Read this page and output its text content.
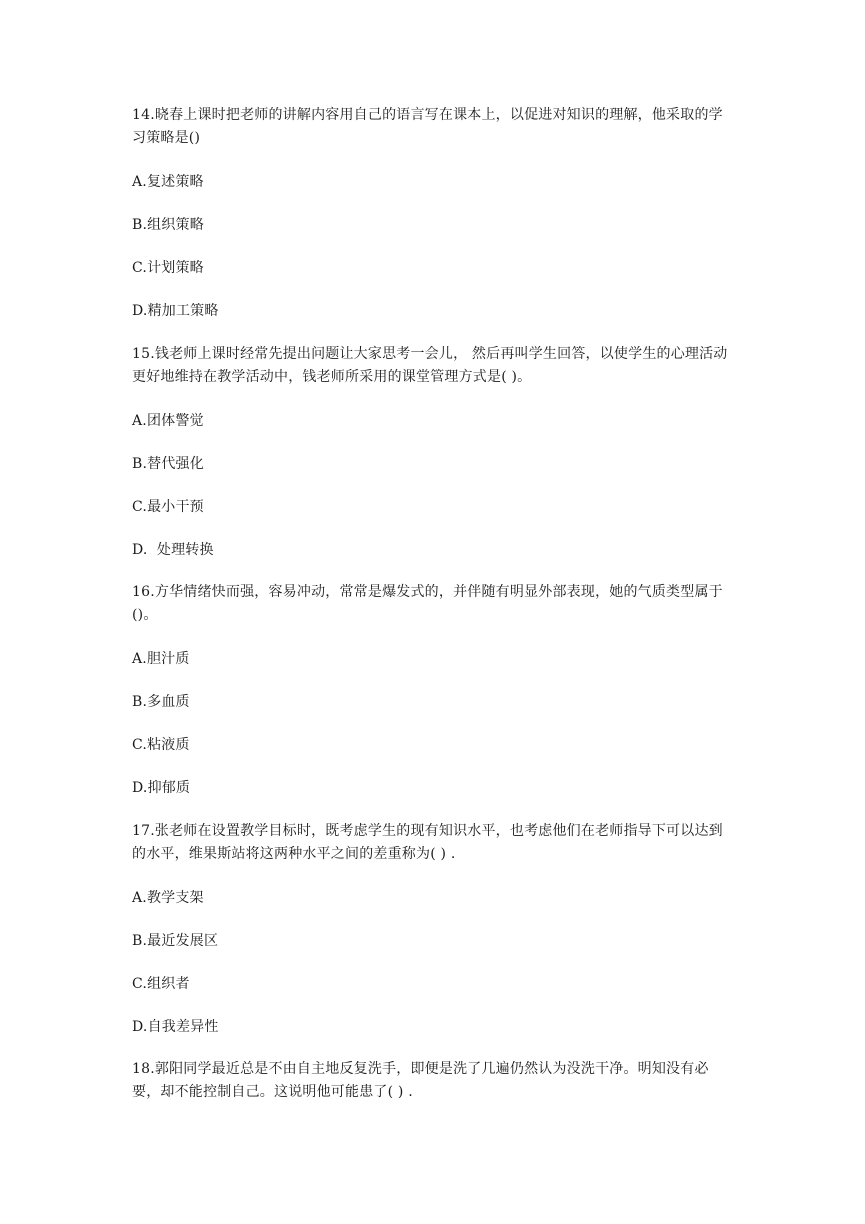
14.晓春上课时把老师的讲解内容用自己的语言写在课本上，以促进对知识的理解，他采取的学习策略是()

A.复述策略

B.组织策略

C.计划策略

D.精加工策略

15.钱老师上课时经常先提出问题让大家思考一会儿， 然后再叫学生回答，以使学生的心理活动更好地维持在教学活动中，钱老师所采用的课堂管理方式是( )。

A.团体警觉

B.替代强化

C.最小干预

D.  处理转换

16.方华情绪快而强，容易冲动，常常是爆发式的，并伴随有明显外部表现，她的气质类型属于()。

A.胆汁质

B.多血质

C.粘液质

D.抑郁质

17.张老师在设置教学目标时，既考虑学生的现有知识水平，也考虑他们在老师指导下可以达到的水平，维果斯站将这两种水平之间的差重称为( ) .

A.教学支架

B.最近发展区

C.组织者

D.自我差异性

18.郭阳同学最近总是不由自主地反复洗手，即便是洗了几遍仍然认为没洗干净。明知没有必要，却不能控制自己。这说明他可能患了( ) .
